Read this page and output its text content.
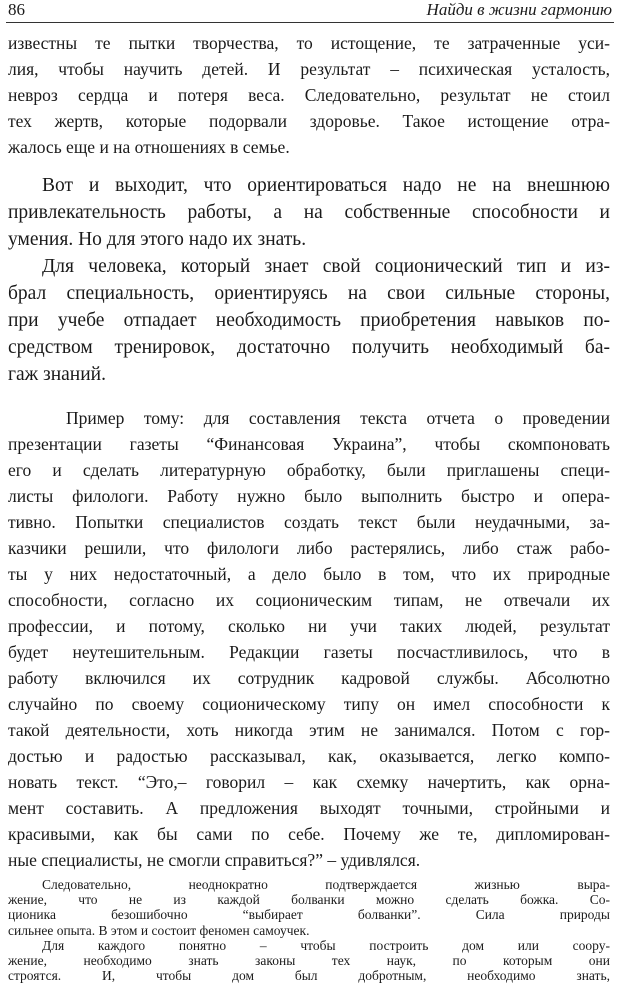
86	Найди в жизни гармонию
известны те пытки творчества, то истощение, те затраченные уси-
лия, чтобы научить детей. И результат – психическая усталость,
невроз сердца и потеря веса. Следовательно, результат не стоил
тех жертв, которые подорвали здоровье. Такое истощение отра-
жалось еще и на отношениях в семье.
Вот и выходит, что ориентироваться надо не на внешнюю
привлекательность работы, а на собственные способности и
умения. Но для этого надо их знать.
Для человека, который знает свой соционический тип и из-
брал специальность, ориентируясь на свои сильные стороны,
при учебе отпадает необходимость приобретения навыков по-
средством тренировок, достаточно получить необходимый ба-
гаж знаний.
Пример тому: для составления текста отчета о проведении
презентации газеты “Финансовая Украина”, чтобы скомпоновать
его и сделать литературную обработку, были приглашены специ-
листы филологи. Работу нужно было выполнить быстро и опера-
тивно. Попытки специалистов создать текст были неудачными, за-
казчики решили, что филологи либо растерялись, либо стаж рабо-
ты у них недостаточный, а дело было в том, что их природные
способности, согласно их соционическим типам, не отвечали их
профессии, и потому, сколько ни учи таких людей, результат
будет неутешительным. Редакции газеты посчастливилось, что в
работу включился их сотрудник кадровой службы. Абсолютно
случайно по своему соционическому типу он имел способности к
такой деятельности, хоть никогда этим не занимался. Потом с гор-
достью и радостью рассказывал, как, оказывается, легко компо-
новать текст. “Это,– говорил – как схемку начертить, как орна-
мент составить. А предложения выходят точными, стройными и
красивыми, как бы сами по себе. Почему же те, дипломирован-
ные специалисты, не смогли справиться?” – удивлялся.
Следовательно, неоднократно подтверждается жизнью выра-
жение, что не из каждой болванки можно сделать божка. Со-
ционика безошибочно “выбирает болванки”. Сила природы
сильнее опыта. В этом и состоит феномен самоучек.
Для каждого понятно – чтобы построить дом или соору-
жение, необходимо знать законы тех наук, по которым они
строятся. И, чтобы дом был добротным, необходимо знать,
